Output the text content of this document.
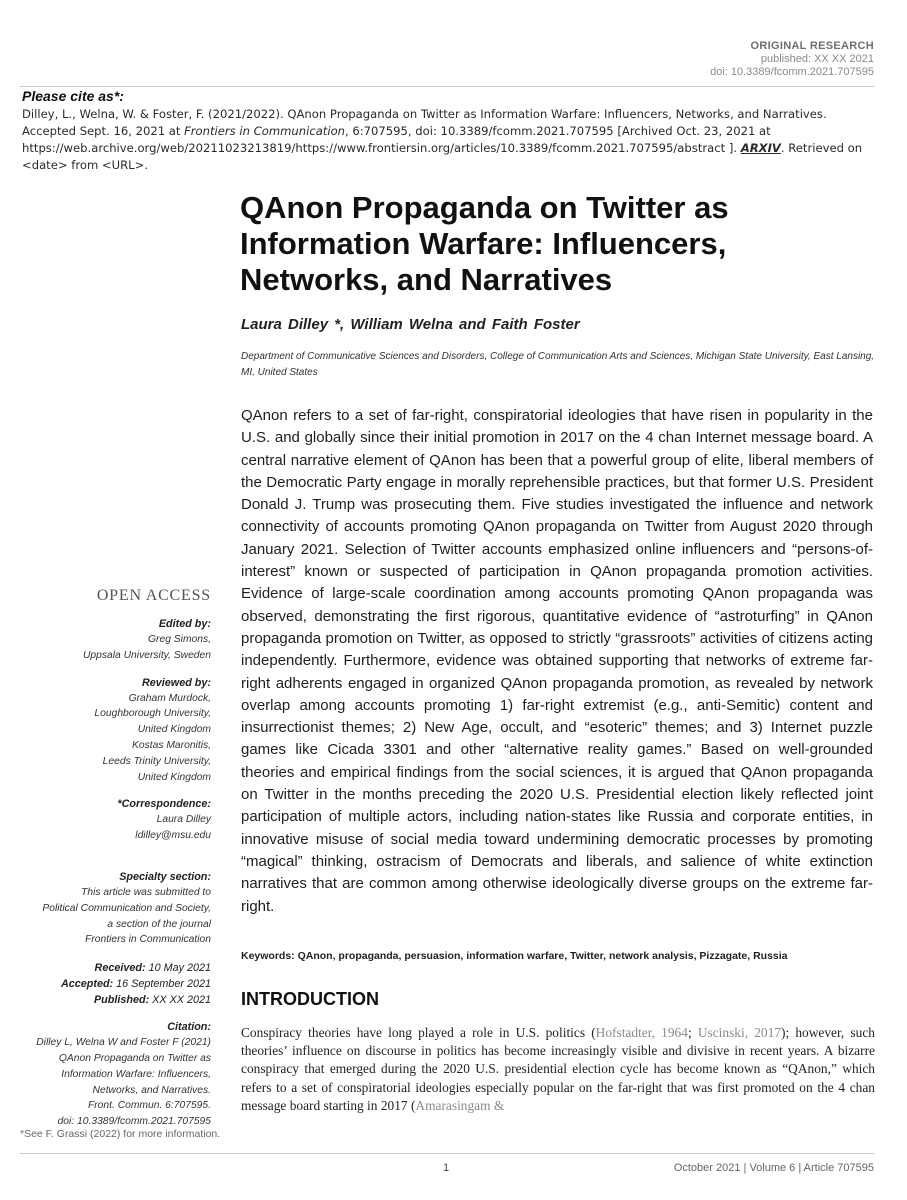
ORIGINAL RESEARCH
published: XX XX 2021
doi: 10.3389/fcomm.2021.707595
Please cite as*:
Dilley, L., Welna, W. & Foster, F. (2021/2022). QAnon Propaganda on Twitter as Information Warfare: Influencers, Networks, and Narratives. Accepted Sept. 16, 2021 at Frontiers in Communication, 6:707595, doi: 10.3389/fcomm.2021.707595 [Archived Oct. 23, 2021 at https://web.archive.org/web/20211023213819/https://www.frontiersin.org/articles/10.3389/fcomm.2021.707595/abstract ]. ARXIV. Retrieved on <date> from <URL>.
QAnon Propaganda on Twitter as Information Warfare: Influencers, Networks, and Narratives
Laura Dilley *, William Welna and Faith Foster
Department of Communicative Sciences and Disorders, College of Communication Arts and Sciences, Michigan State University, East Lansing, MI, United States
QAnon refers to a set of far-right, conspiratorial ideologies that have risen in popularity in the U.S. and globally since their initial promotion in 2017 on the 4 chan Internet message board. A central narrative element of QAnon has been that a powerful group of elite, liberal members of the Democratic Party engage in morally reprehensible practices, but that former U.S. President Donald J. Trump was prosecuting them. Five studies investigated the influence and network connectivity of accounts promoting QAnon propaganda on Twitter from August 2020 through January 2021. Selection of Twitter accounts emphasized online influencers and “persons-of-interest” known or suspected of participation in QAnon propaganda promotion activities. Evidence of large-scale coordination among accounts promoting QAnon propaganda was observed, demonstrating the first rigorous, quantitative evidence of “astroturfing” in QAnon propaganda promotion on Twitter, as opposed to strictly “grassroots” activities of citizens acting independently. Furthermore, evidence was obtained supporting that networks of extreme far-right adherents engaged in organized QAnon propaganda promotion, as revealed by network overlap among accounts promoting 1) far-right extremist (e.g., anti-Semitic) content and insurrectionist themes; 2) New Age, occult, and “esoteric” themes; and 3) Internet puzzle games like Cicada 3301 and other “alternative reality games.” Based on well-grounded theories and empirical findings from the social sciences, it is argued that QAnon propaganda on Twitter in the months preceding the 2020 U.S. Presidential election likely reflected joint participation of multiple actors, including nation-states like Russia and corporate entities, in innovative misuse of social media toward undermining democratic processes by promoting “magical” thinking, ostracism of Democrats and liberals, and salience of white extinction narratives that are common among otherwise ideologically diverse groups on the extreme far-right.
Keywords: QAnon, propaganda, persuasion, information warfare, Twitter, network analysis, Pizzagate, Russia
INTRODUCTION
Conspiracy theories have long played a role in U.S. politics (Hofstadter, 1964; Uscinski, 2017); however, such theories’ influence on discourse in politics has become increasingly visible and divisive in recent years. A bizarre conspiracy that emerged during the 2020 U.S. presidential election cycle has become known as “QAnon,” which refers to a set of conspiratorial ideologies especially popular on the far-right that was first promoted on the 4 chan message board starting in 2017 (Amarasingam &
OPEN ACCESS
Edited by:
Greg Simons,
Uppsala University, Sweden
Reviewed by:
Graham Murdock,
Loughborough University,
United Kingdom
Kostas Maronitis,
Leeds Trinity University,
United Kingdom
*Correspondence:
Laura Dilley
ldilley@msu.edu
Specialty section:
This article was submitted to
Political Communication and Society,
a section of the journal
Frontiers in Communication
Received: 10 May 2021
Accepted: 16 September 2021
Published: XX XX 2021
Citation:
Dilley L, Welna W and Foster F (2021)
QAnon Propaganda on Twitter as
Information Warfare: Influencers,
Networks, and Narratives.
Front. Commun. 6:707595.
doi: 10.3389/fcomm.2021.707595
*See F. Grassi (2022) for more information.
1	October 2021 | Volume 6 | Article 707595
